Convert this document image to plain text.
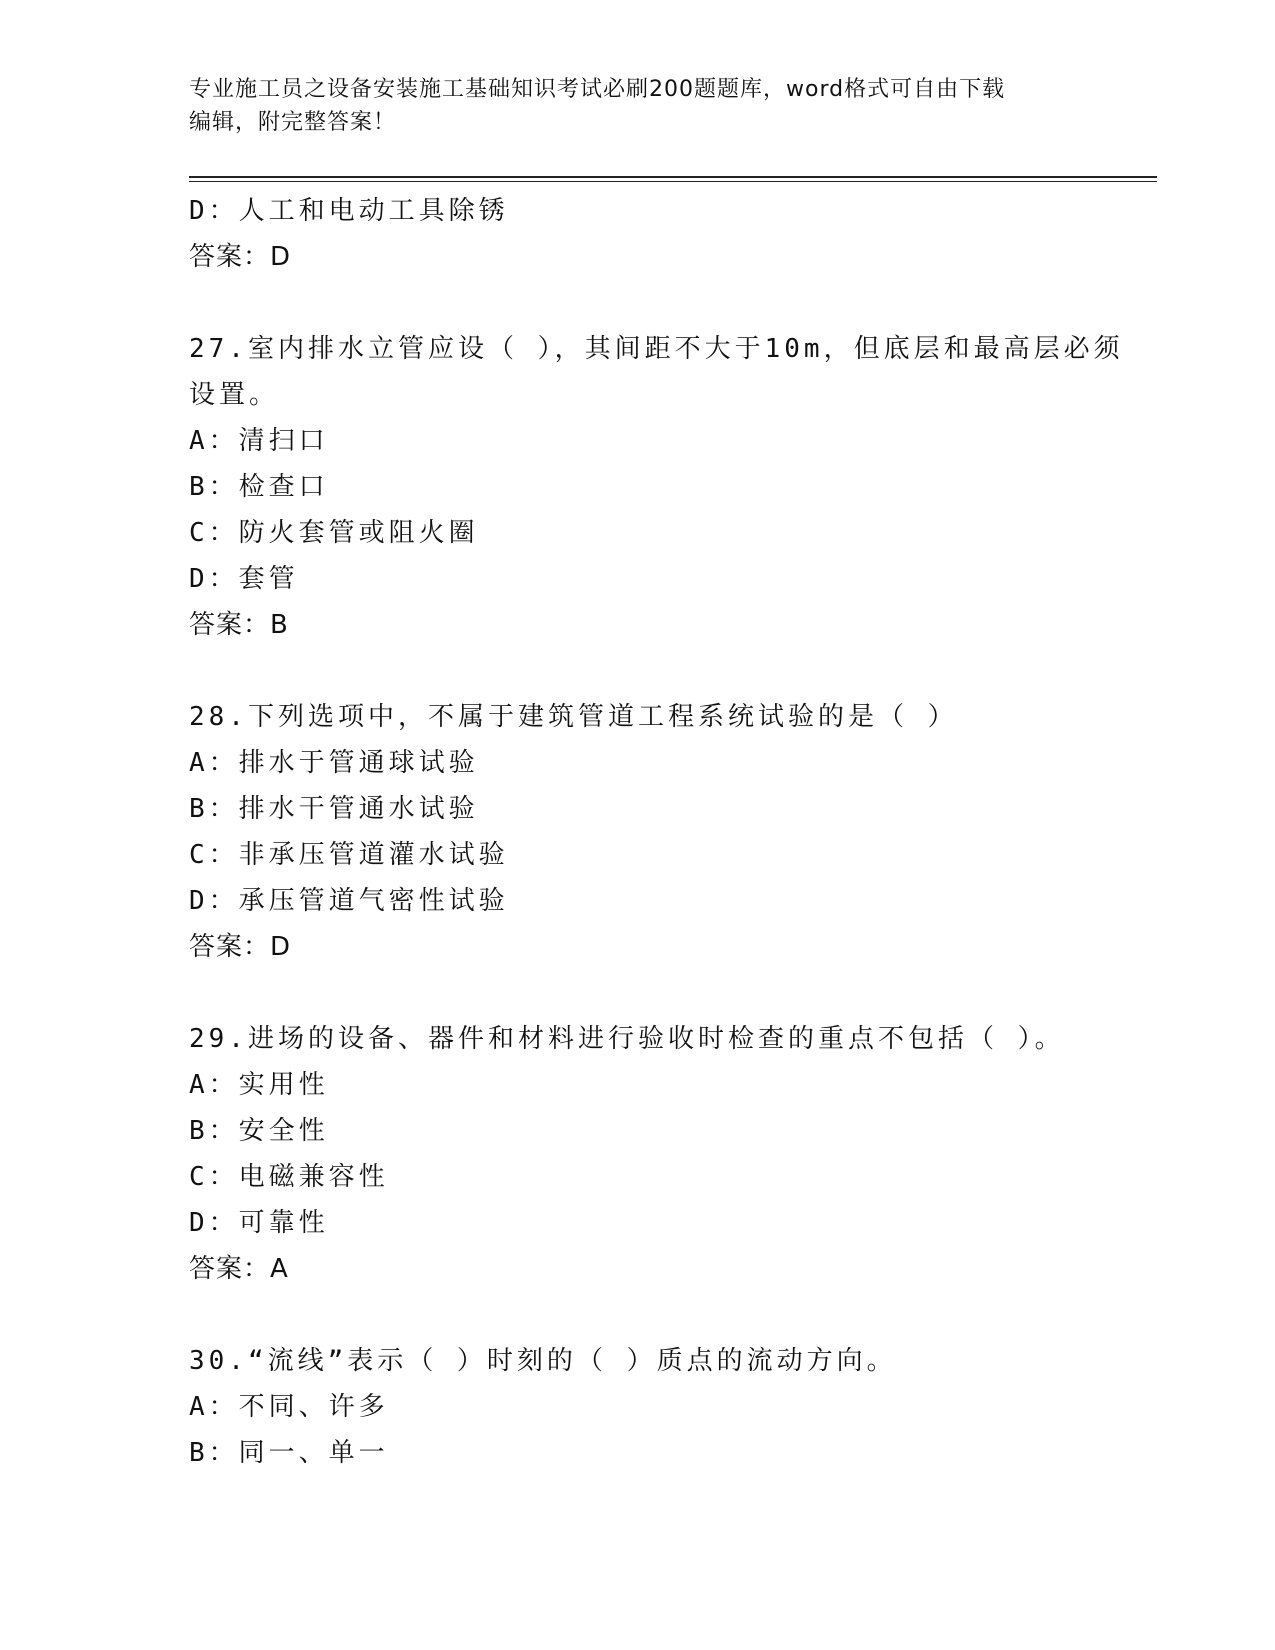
专业施工员之设备安装施工基础知识考试必刷200题题库，word格式可自由下载
编辑，附完整答案！
D：人工和电动工具除锈
答案：D
27.室内排水立管应设（ ），其间距不大于10m，但底层和最高层必须
设置。
A：清扫口
B：检查口
C：防火套管或阻火圈
D：套管
答案：B
28.下列选项中，不属于建筑管道工程系统试验的是（ ）
A：排水于管通球试验
B：排水干管通水试验
C：非承压管道灌水试验
D：承压管道气密性试验
答案：D
29.进场的设备、器件和材料进行验收时检查的重点不包括（ ）。
A：实用性
B：安全性
C：电磁兼容性
D：可靠性
答案：A
30.“流线”表示（ ）时刻的（ ）质点的流动方向。
A：不同、许多
B：同一、单一
